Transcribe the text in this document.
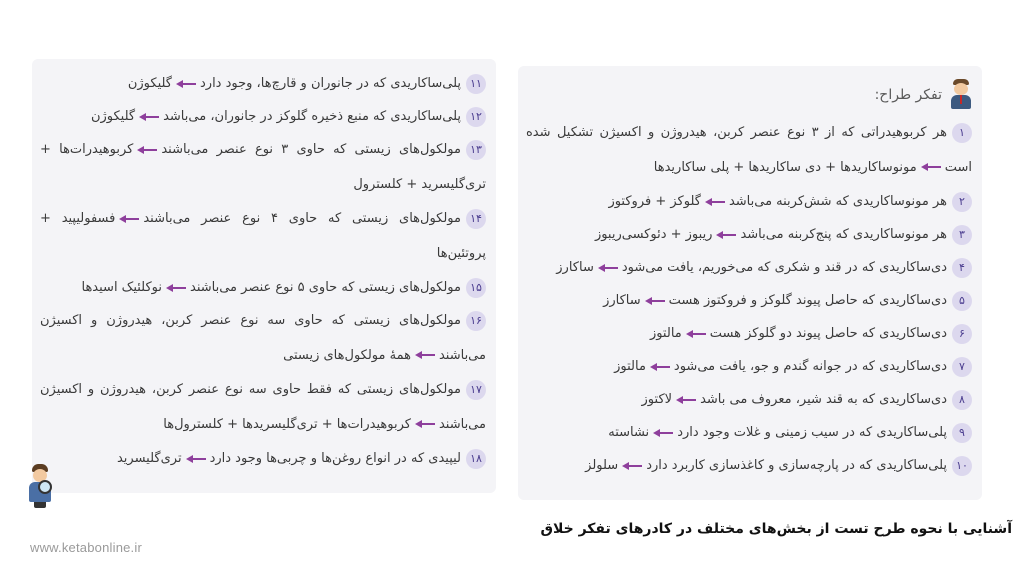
تفکر طراح:
۱هر کربوهیدراتی که از ۳ نوع عنصر کربن، هیدروژن و اکسیژن تشکیل شده استمونوساکاریدها + دی ساکاریدها + پلی ساکاریدها
۲هر مونوساکاریدی که شش‌کربنه می‌باشدگلوکز + فروکتوز
۳هر مونوساکاریدی که پنج‌کربنه می‌باشدریبوز + دئوکسی‌ریبوز
۴دی‌ساکاریدی که در قند و شکری که می‌خوریم، یافت می‌شودساکارز
۵دی‌ساکاریدی که حاصل پیوند گلوکز و فروکتوز هستساکارز
۶دی‌ساکاریدی که حاصل پیوند دو گلوکز هستمالتوز
۷دی‌ساکاریدی که در جوانه گندم و جو، یافت می‌شودمالتوز
۸دی‌ساکاریدی که به قند شیر، معروف می باشدلاکتوز
۹پلی‌ساکاریدی که در سیب زمینی و غلات وجود داردنشاسته
۱۰پلی‌ساکاریدی که در پارچه‌سازی و کاغذسازی کاربرد داردسلولز
۱۱پلی‌ساکاریدی که در جانوران و قارچ‌ها، وجود داردگلیکوژن
۱۲پلی‌ساکاریدی که منبع ذخیره گلوکز در جانوران، می‌باشدگلیکوژن
۱۳مولکول‌های زیستی که حاوی ۳ نوع عنصر می‌باشندکربوهیدرات‌ها + تری‌گلیسرید + کلسترول
۱۴مولکول‌های زیستی که حاوی ۴ نوع عنصر می‌باشندفسفولیپید + پروتئین‌ها
۱۵مولکول‌های زیستی که حاوی ۵ نوع عنصر می‌باشندنوکلئیک اسیدها
۱۶مولکول‌های زیستی که حاوی سه نوع عنصر کربن، هیدروژن و اکسیژن می‌باشندهمهٔ مولکول‌های زیستی
۱۷مولکول‌های زیستی که فقط حاوی سه نوع عنصر کربن، هیدروژن و اکسیژن می‌باشندکربوهیدرات‌ها + تری‌گلیسریدها + کلسترول‌ها
۱۸لیپیدی که در انواع روغن‌ها و چربی‌ها وجود داردتری‌گلیسرید
آشنایی با نحوه طرح تست از بخش‌های مختلف در کادرهای تفکر خلاق
www.ketabonline.ir
